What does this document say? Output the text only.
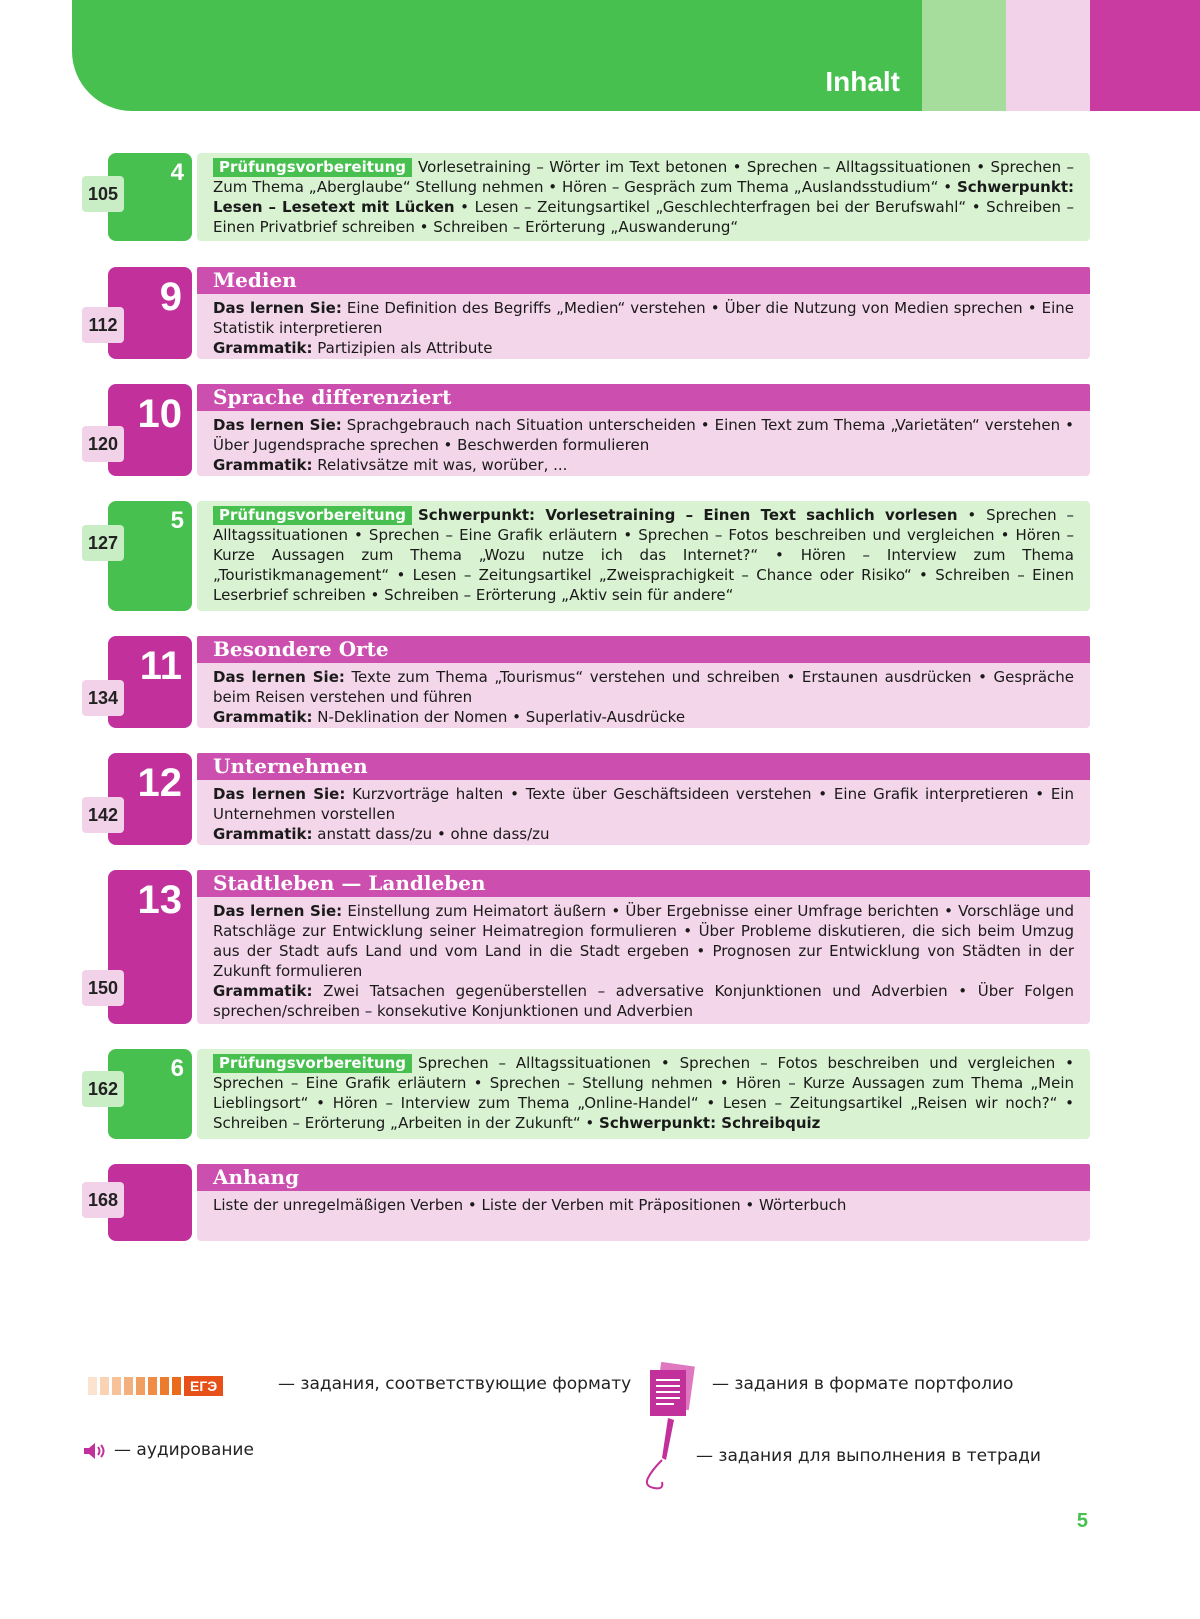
Inhalt
4
105
Prüfungsvorbereitung Vorlesetraining – Wörter im Text betonen • Sprechen – Alltagssituationen • Sprechen – Zum Thema „Aberglaube“ Stellung nehmen • Hören – Gespräch zum Thema „Auslandsstudium“ • Schwerpunkt: Lesen – Lesetext mit Lücken • Lesen – Zeitungsartikel „Geschlechterfragen bei der Berufswahl“ • Schreiben – Einen Privatbrief schreiben • Schreiben – Erörterung „Auswanderung“
9
112
Medien
Das lernen Sie: Eine Definition des Begriffs „Medien“ verstehen • Über die Nutzung von Medien sprechen • Eine Statistik interpretieren
Grammatik: Partizipien als Attribute
10
120
Sprache differenziert
Das lernen Sie: Sprachgebrauch nach Situation unterscheiden • Einen Text zum Thema „Varietäten“ verstehen • Über Jugendsprache sprechen • Beschwerden formulieren
Grammatik: Relativsätze mit was, worüber, ...
5
127
Prüfungsvorbereitung Schwerpunkt: Vorlesetraining – Einen Text sachlich vorlesen • Sprechen – Alltagssituationen • Sprechen – Eine Grafik erläutern • Sprechen – Fotos beschreiben und vergleichen • Hören – Kurze Aussagen zum Thema „Wozu nutze ich das Internet?“ • Hören – Interview zum Thema „Touristikmanagement“ • Lesen – Zeitungsartikel „Zweisprachigkeit – Chance oder Risiko“ • Schreiben – Einen Leserbrief schreiben • Schreiben – Erörterung „Aktiv sein für andere“
11
134
Besondere Orte
Das lernen Sie: Texte zum Thema „Tourismus“ verstehen und schreiben • Erstaunen ausdrücken • Gespräche beim Reisen verstehen und führen
Grammatik: N-Deklination der Nomen • Superlativ-Ausdrücke
12
142
Unternehmen
Das lernen Sie: Kurzvorträge halten • Texte über Geschäftsideen verstehen • Eine Grafik interpretieren • Ein Unternehmen vorstellen
Grammatik: anstatt dass/zu • ohne dass/zu
13
150
Stadtleben — Landleben
Das lernen Sie: Einstellung zum Heimatort äußern • Über Ergebnisse einer Umfrage berichten • Vorschläge und Ratschläge zur Entwicklung seiner Heimatregion formulieren • Über Probleme diskutieren, die sich beim Umzug aus der Stadt aufs Land und vom Land in die Stadt ergeben • Prognosen zur Entwicklung von Städten in der Zukunft formulieren
Grammatik: Zwei Tatsachen gegenüberstellen – adversative Konjunktionen und Adverbien • Über Folgen sprechen/schreiben – konsekutive Konjunktionen und Adverbien
6
162
Prüfungsvorbereitung Sprechen – Alltagssituationen • Sprechen – Fotos beschreiben und vergleichen • Sprechen – Eine Grafik erläutern • Sprechen – Stellung nehmen • Hören – Kurze Aussagen zum Thema „Mein Lieblingsort“ • Hören – Interview zum Thema „Online-Handel“ • Lesen – Zeitungsartikel „Reisen wir noch?“ • Schreiben – Erörterung „Arbeiten in der Zukunft“ • Schwerpunkt: Schreibquiz
168
Anhang
Liste der unregelmäßigen Verben • Liste der Verben mit Präpositionen • Wörterbuch
ЕГЭ	— задания, соответствующие формату
— аудирование
— задания в формате портфолио
— задания для выполнения в тетради
5
